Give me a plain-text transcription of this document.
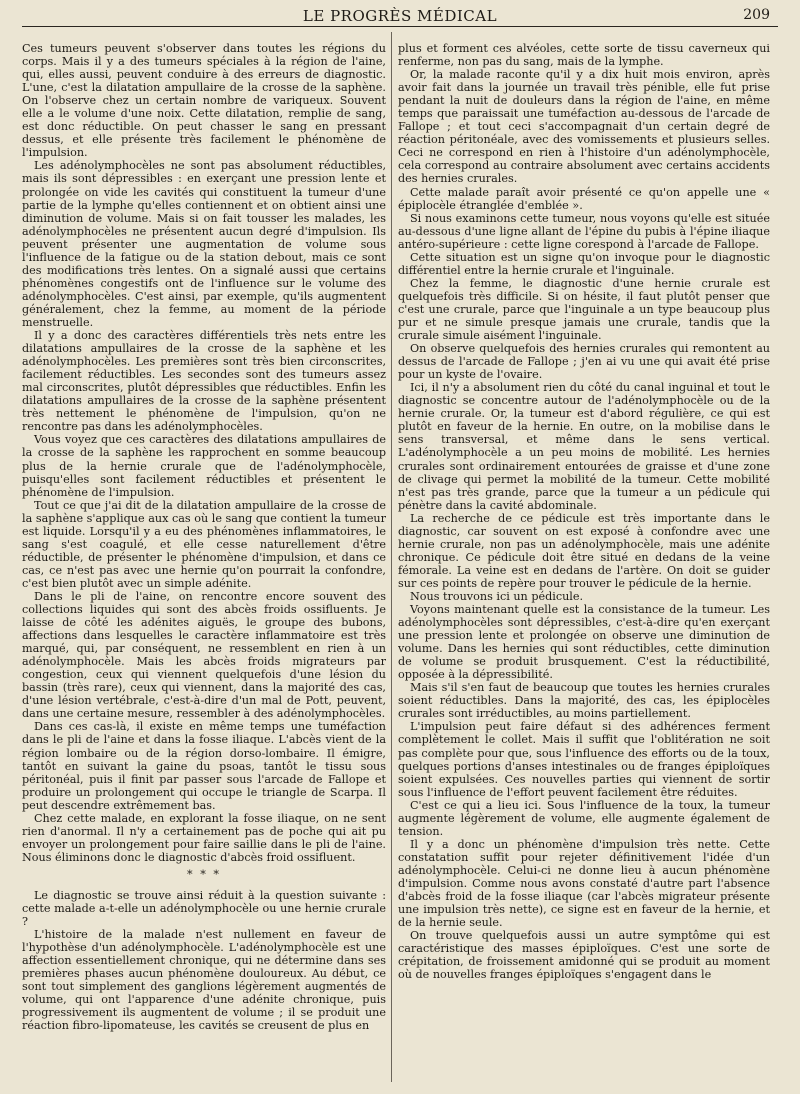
LE PROGRÈS MÉDICAL	209

Ces tumeurs peuvent s'observer dans toutes les régions du corps. Mais il y a des tumeurs spéciales à la région de l'aine, qui, elles aussi, peuvent conduire à des erreurs de diagnostic. L'une, c'est la dilatation ampullaire de la crosse de la saphène. On l'observe chez un certain nombre de variqueux. Souvent elle a le volume d'une noix. Cette dilatation, remplie de sang, est donc réductible. On peut chasser le sang en pressant dessus, et elle présente très facilement le phénomène de l'impulsion.

Les adénolymphocèles ne sont pas absolument réductibles, mais ils sont dépressibles : en exerçant une pression lente et prolongée on vide les cavités qui constituent la tumeur d'une partie de la lymphe qu'elles contiennent et on obtient ainsi une diminution de volume. Mais si on fait tousser les malades, les adénolymphocèles ne présentent aucun degré d'impulsion. Ils peuvent présenter une augmentation de volume sous l'influence de la fatigue ou de la station debout, mais ce sont des modifications très lentes. On a signalé aussi que certains phénomènes congestifs ont de l'influence sur le volume des adénolymphocèles. C'est ainsi, par exemple, qu'ils augmentent généralement, chez la femme, au moment de la période menstruelle.

Il y a donc des caractères différentiels très nets entre les dilatations ampullaires de la crosse de la saphène et les adénolymphocèles. Les premières sont très bien circonscrites, facilement réductibles. Les secondes sont des tumeurs assez mal circonscrites, plutôt dépressibles que réductibles. Enfin les dilatations ampullaires de la crosse de la saphène présentent très nettement le phénomène de l'impulsion, qu'on ne rencontre pas dans les adénolymphocèles.

Vous voyez que ces caractères des dilatations ampullaires de la crosse de la saphène les rapprochent en somme beaucoup plus de la hernie crurale que de l'adénolymphocèle, puisqu'elles sont facilement réductibles et présentent le phénomène de l'impulsion.

Tout ce que j'ai dit de la dilatation ampullaire de la crosse de la saphène s'applique aux cas où le sang que contient la tumeur est liquide. Lorsqu'il y a eu des phénomènes inflammatoires, le sang s'est coagulé, et elle cesse naturellement d'être réductible, de présenter le phénomène d'impulsion, et dans ce cas, ce n'est pas avec une hernie qu'on pourrait la confondre, c'est bien plutôt avec un simple adénite.

Dans le pli de l'aine, on rencontre encore souvent des collections liquides qui sont des abcès froids ossifluents. Je laisse de côté les adénites aiguës, le groupe des bubons, affections dans lesquelles le caractère inflammatoire est très marqué, qui, par conséquent, ne ressemblent en rien à un adénolymphocèle. Mais les abcès froids migrateurs par congestion, ceux qui viennent quelquefois d'une lésion du bassin (très rare), ceux qui viennent, dans la majorité des cas, d'une lésion vertébrale, c'est-à-dire d'un mal de Pott, peuvent, dans une certaine mesure, ressembler à des adénolymphocèles.

Dans ces cas-là, il existe en même temps une tuméfaction dans le pli de l'aine et dans la fosse iliaque. L'abcès vient de la région lombaire ou de la région dorso-lombaire. Il émigre, tantôt en suivant la gaine du psoas, tantôt le tissu sous péritonéal, puis il finit par passer sous l'arcade de Fallope et produire un prolongement qui occupe le triangle de Scarpa. Il peut descendre extrêmement bas.

Chez cette malade, en explorant la fosse iliaque, on ne sent rien d'anormal. Il n'y a certainement pas de poche qui ait pu envoyer un prolongement pour faire saillie dans le pli de l'aine. Nous éliminons donc le diagnostic d'abcès froid ossifluent.

* * *

Le diagnostic se trouve ainsi réduit à la question suivante : cette malade a-t-elle un adénolymphocèle ou une hernie crurale ?

L'histoire de la malade n'est nullement en faveur de l'hypothèse d'un adénolymphocèle. L'adénolymphocèle est une affection essentiellement chronique, qui ne détermine dans ses premières phases aucun phénomène douloureux. Au début, ce sont tout simplement des ganglions légèrement augmentés de volume, qui ont l'apparence d'une adénite chronique, puis progressivement ils augmentent de volume ; il se produit une réaction fibro-lipomateuse, les cavités se creusent de plus en

plus et forment ces alvéoles, cette sorte de tissu caverneux qui renferme, non pas du sang, mais de la lymphe.

Or, la malade raconte qu'il y a dix huit mois environ, après avoir fait dans la journée un travail très pénible, elle fut prise pendant la nuit de douleurs dans la région de l'aine, en même temps que paraissait une tuméfaction au-dessous de l'arcade de Fallope ; et tout ceci s'accompagnait d'un certain degré de réaction péritonéale, avec des vomissements et plusieurs selles. Ceci ne correspond en rien à l'histoire d'un adénolymphocèle, cela correspond au contraire absolument avec certains accidents des hernies crurales.

Cette malade paraît avoir présenté ce qu'on appelle une « épiplocèle étranglée d'emblée ».

Si nous examinons cette tumeur, nous voyons qu'elle est située au-dessous d'une ligne allant de l'épine du pubis à l'épine iliaque antéro-supérieure : cette ligne corespond à l'arcade de Fallope.

Cette situation est un signe qu'on invoque pour le diagnostic différentiel entre la hernie crurale et l'inguinale.

Chez la femme, le diagnostic d'une hernie crurale est quelquefois très difficile. Si on hésite, il faut plutôt penser que c'est une crurale, parce que l'inguinale a un type beaucoup plus pur et ne simule presque jamais une crurale, tandis que la crurale simule aisément l'inguinale.

On observe quelquefois des hernies crurales qui remontent au dessus de l'arcade de Fallope ; j'en ai vu une qui avait été prise pour un kyste de l'ovaire.

Ici, il n'y a absolument rien du côté du canal inguinal et tout le diagnostic se concentre autour de l'adénolymphocèle ou de la hernie crurale. Or, la tumeur est d'abord régulière, ce qui est plutôt en faveur de la hernie. En outre, on la mobilise dans le sens transversal, et même dans le sens vertical. L'adénolymphocèle a un peu moins de mobilité. Les hernies crurales sont ordinairement entourées de graisse et d'une zone de clivage qui permet la mobilité de la tumeur. Cette mobilité n'est pas très grande, parce que la tumeur a un pédicule qui pénètre dans la cavité abdominale.

La recherche de ce pédicule est très importante dans le diagnostic, car souvent on est exposé à confondre avec une hernie crurale, non pas un adénolymphocèle, mais une adénite chronique. Ce pédicule doit être situé en dedans de la veine fémorale. La veine est en dedans de l'artère. On doit se guider sur ces points de repère pour trouver le pédicule de la hernie.

Nous trouvons ici un pédicule.

Voyons maintenant quelle est la consistance de la tumeur. Les adénolymphocèles sont dépressibles, c'est-à-dire qu'en exerçant une pression lente et prolongée on observe une diminution de volume. Dans les hernies qui sont réductibles, cette diminution de volume se produit brusquement. C'est la réductibilité, opposée à la dépressibilité.

Mais s'il s'en faut de beaucoup que toutes les hernies crurales soient réductibles. Dans la majorité, des cas, les épiplocèles crurales sont irréductibles, au moins partiellement.

L'impulsion peut faire défaut si des adhérences ferment complètement le collet. Mais il suffit que l'oblitération ne soit pas complète pour que, sous l'influence des efforts ou de la toux, quelques portions d'anses intestinales ou de franges épiploïques soient expulsées. Ces nouvelles parties qui viennent de sortir sous l'influence de l'effort peuvent facilement être réduites.

C'est ce qui a lieu ici. Sous l'influence de la toux, la tumeur augmente légèrement de volume, elle augmente également de tension.

Il y a donc un phénomène d'impulsion très nette. Cette constatation suffit pour rejeter définitivement l'idée d'un adénolymphocèle. Celui-ci ne donne lieu à aucun phénomène d'impulsion. Comme nous avons constaté d'autre part l'absence d'abcès froid de la fosse iliaque (car l'abcès migrateur présente une impulsion très nette), ce signe est en faveur de la hernie, et de la hernie seule.

On trouve quelquefois aussi un autre symptôme qui est caractéristique des masses épiploïques. C'est une sorte de crépitation, de froissement amidonné qui se produit au moment où de nouvelles franges épiploïques s'engagent dans le
